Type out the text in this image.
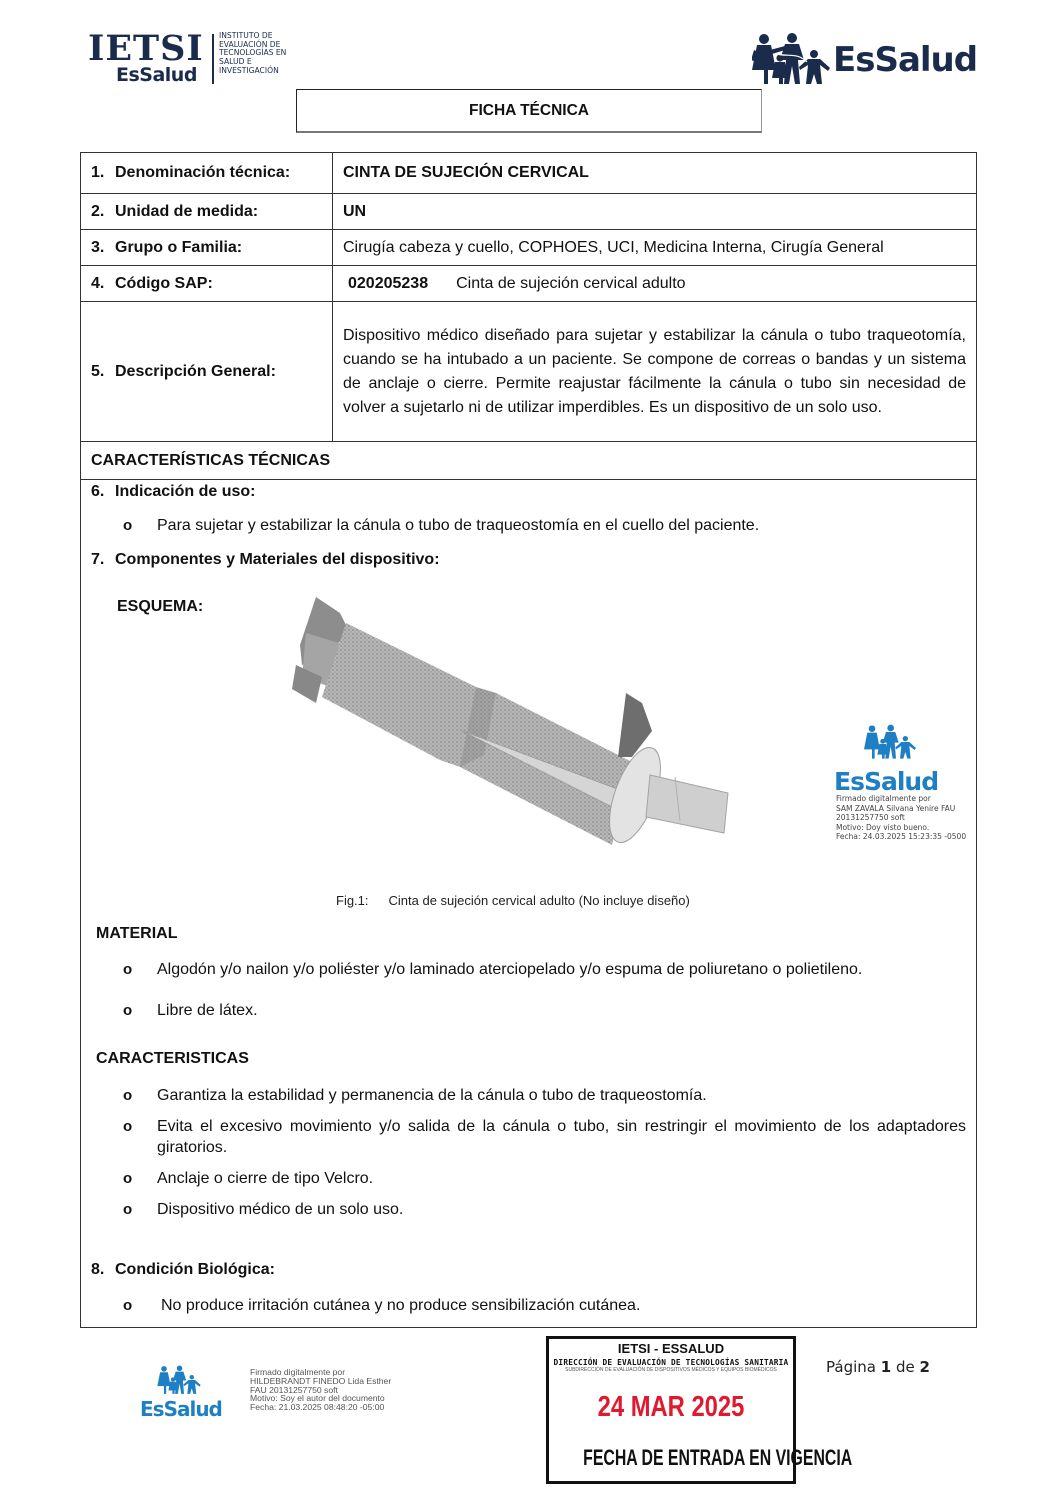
IETSI
EsSalud
INSTITUTO DE
EVALUACIÓN DE
TECNOLOGÍAS EN
SALUD E
INVESTIGACIÓN	EsSalud
FICHA TÉCNICA
1. Denominación técnica:	CINTA DE SUJECIÓN CERVICAL
2. Unidad de medida:	UN
3. Grupo o Familia:	Cirugía cabeza y cuello, COPHOES, UCI, Medicina Interna, Cirugía General
4. Código SAP:	020205238 Cinta de sujeción cervical adulto
5. Descripción General:
Dispositivo médico diseñado para sujetar y estabilizar la cánula o tubo traqueotomía, cuando se ha intubado a un paciente. Se compone de correas o bandas y un sistema de anclaje o cierre. Permite reajustar fácilmente la cánula o tubo sin necesidad de volver a sujetarlo ni de utilizar imperdibles. Es un dispositivo de un solo uso.
CARACTERÍSTICAS TÉCNICAS
6. Indicación de uso:
o Para sujetar y estabilizar la cánula o tubo de traqueostomía en el cuello del paciente.
7. Componentes y Materiales del dispositivo:
ESQUEMA:
MATERIAL
o Algodón y/o nailon y/o poliéster y/o laminado aterciopelado y/o espuma de poliuretano o polietileno.
o Libre de látex.
CARACTERISTICAS
o Garantiza la estabilidad y permanencia de la cánula o tubo de traqueostomía.
o Evita el excesivo movimiento y/o salida de la cánula o tubo, sin restringir el movimiento de los adaptadores giratorios.
o Anclaje o cierre de tipo Velcro.
o Dispositivo médico de un solo uso.
8. Condición Biológica:
o No produce irritación cutánea y no produce sensibilización cutánea.
Fig.1: Cinta de sujeción cervical adulto (No incluye diseño)
EsSalud
Firmado digitalmente por
SAM ZAVALA Silvana Yenire FAU
20131257750 soft
Motivo: Doy visto bueno.
Fecha: 24.03.2025 15:23:35 -0500
EsSalud
Firmado digitalmente por
HILDEBRANDT FINEDO Lida Esther
FAU 20131257750 soft
Motivo: Soy el autor del documento
Fecha: 21.03.2025 08:48:20 -05:00
IETSI - ESSALUD
DIRECCIÓN DE EVALUACIÓN DE TECNOLOGÍAS SANITARIA
SUBDIRECCIÓN DE EVALUACIÓN DE DISPOSITIVOS MÉDICOS Y EQUIPOS BIOMÉDICOS
24 MAR 2025
FECHA DE ENTRADA EN VIGENCIA
Página 1 de 2
